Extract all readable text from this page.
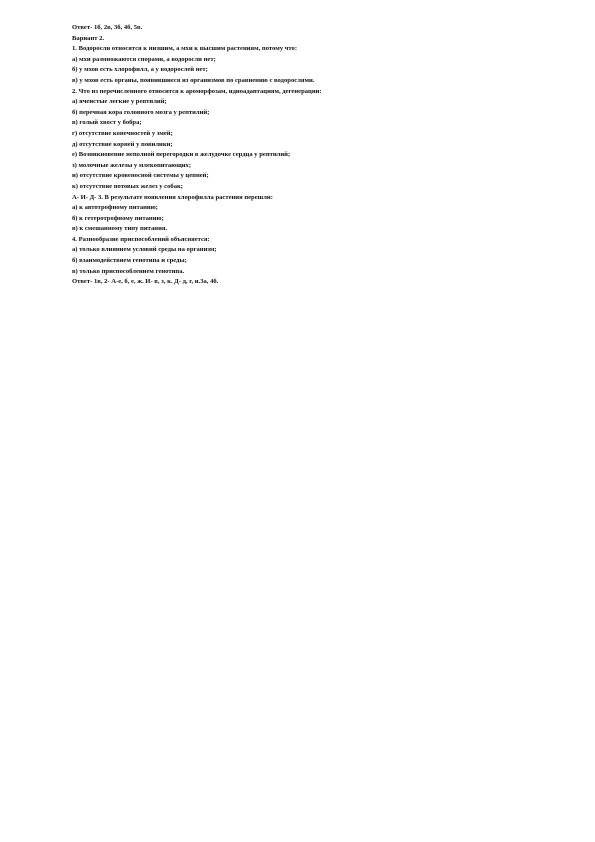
Ответ- 1б, 2в, 3б, 4б, 5в.
Вариант 2.
1. Водоросли относятся к низшим, а мхи к высшим растениям, потому что:
а) мхи размножаются спорами, а водоросли нет;
б) у мхов есть хлорофилл, а у водорослей нет;
в) у мхов есть органы, появившиеся из организмов по сравнению с водорослями.
2. Что из перечисленного относится к ароморфозам, идиоадаптациям, дегенерации:
а) ячеистые легкие у рептилий;
б) перечная кора головного мозга у рептилий;
в) голый хвост у бобра;
г) отсутствие конечностей у змей;
д) отсутствие корней у повилики;
е) Возникновение неполной перегородки в желудочке сердца у рептилий;
з) молочные железы у млекопитающих;
и) отсутствие кровеносной системы у цепней;
к) отсутствие потовых желез у собак;
А- И- Д- 3. В результате появления хлорофилла растения перешли:
а) к автотрофному питанию;
б) к гетеротрофному питанию;
в) к смешанному типу питания.
4. Разнообразие приспособлений объясняется:
а) только влиянием условий среды на организм;
б) взаимодействием генотипа и среды;
в) только приспособлением генотипа.
Ответ- 1в, 2- А-е, б, е, ж. И- в, з, к. Д- д, г, и.3а, 4б.
